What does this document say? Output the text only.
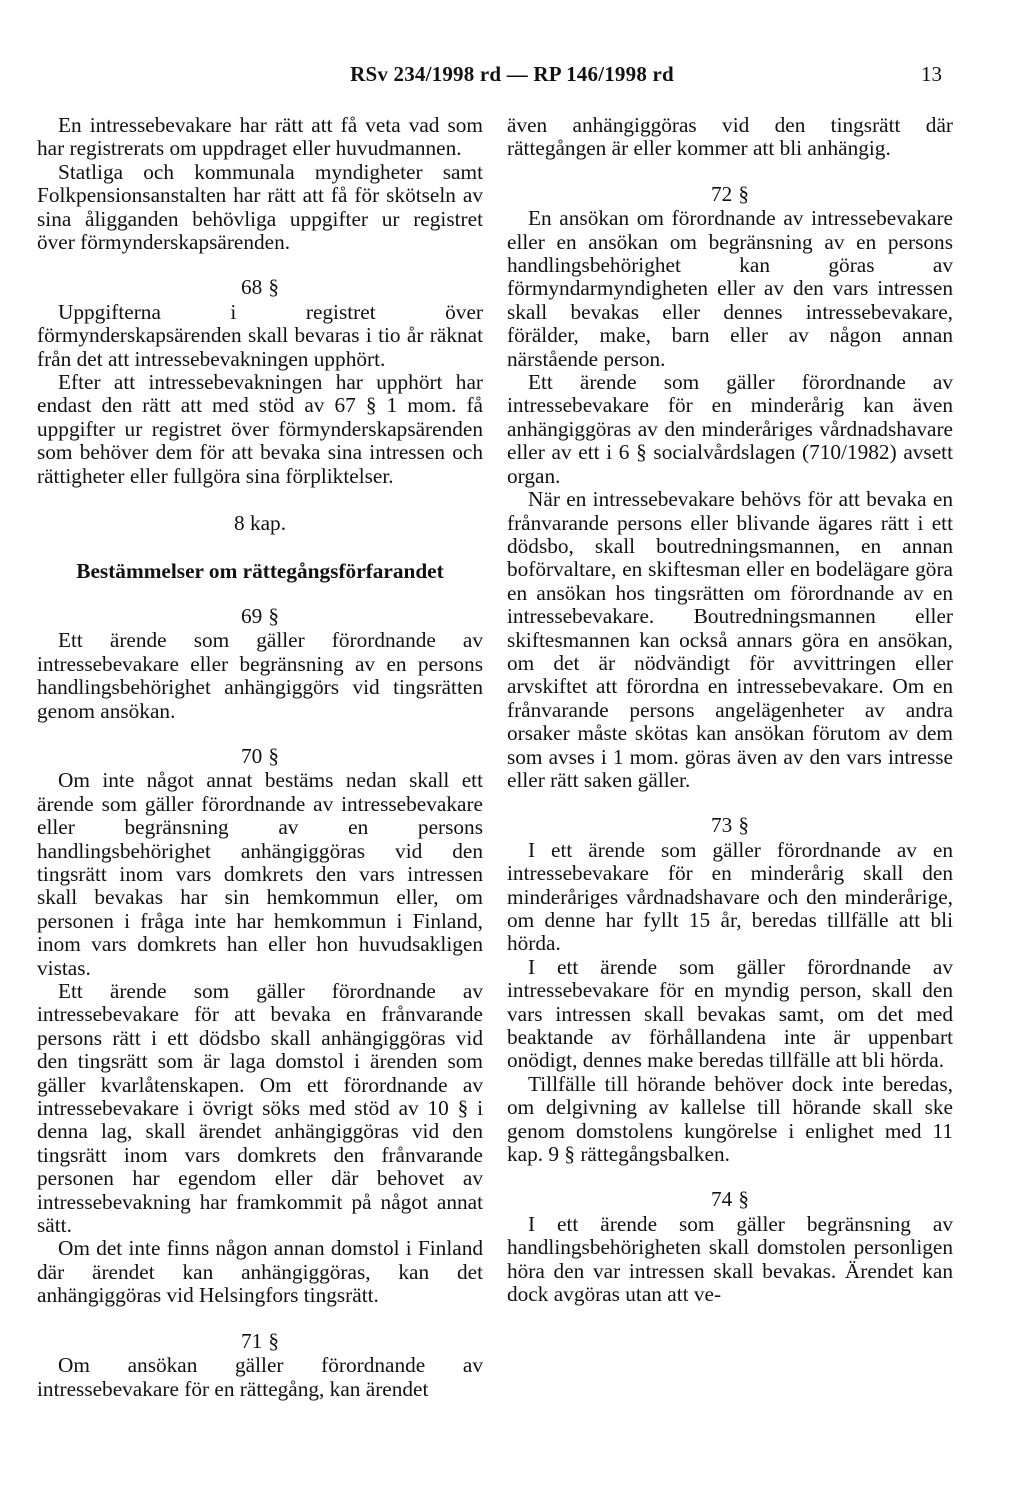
RSv 234/1998 rd — RP 146/1998 rd	13

En intressebevakare har rätt att få veta vad som har registrerats om uppdraget eller huvudmannen.

Statliga och kommunala myndigheter samt Folkpensionsanstalten har rätt att få för skötseln av sina åligganden behövliga uppgifter ur registret över förmynderskapsärenden.

68 §

Uppgifterna i registret över förmynderskapsärenden skall bevaras i tio år räknat från det att intressebevakningen upphört.

Efter att intressebevakningen har upphört har endast den rätt att med stöd av 67 § 1 mom. få uppgifter ur registret över förmynderskapsärenden som behöver dem för att bevaka sina intressen och rättigheter eller fullgöra sina förpliktelser.

8 kap.
Bestämmelser om rättegångsförfarandet
69 §

Ett ärende som gäller förordnande av intressebevakare eller begränsning av en persons handlingsbehörighet anhängiggörs vid tingsrätten genom ansökan.

70 §

Om inte något annat bestäms nedan skall ett ärende som gäller förordnande av intressebevakare eller begränsning av en persons handlingsbehörighet anhängiggöras vid den tingsrätt inom vars domkrets den vars intressen skall bevakas har sin hemkommun eller, om personen i fråga inte har hemkommun i Finland, inom vars domkrets han eller hon huvudsakligen vistas.

Ett ärende som gäller förordnande av intressebevakare för att bevaka en frånvarande persons rätt i ett dödsbo skall anhängiggöras vid den tingsrätt som är laga domstol i ärenden som gäller kvarlåtenskapen. Om ett förordnande av intressebevakare i övrigt söks med stöd av 10 § i denna lag, skall ärendet anhängiggöras vid den tingsrätt inom vars domkrets den frånvarande personen har egendom eller där behovet av intressebevakning har framkommit på något annat sätt.

Om det inte finns någon annan domstol i Finland där ärendet kan anhängiggöras, kan det anhängiggöras vid Helsingfors tingsrätt.

71 §

Om ansökan gäller förordnande av intressebevakare för en rättegång, kan ärendet

även anhängiggöras vid den tingsrätt där rättegången är eller kommer att bli anhängig.

72 §

En ansökan om förordnande av intressebevakare eller en ansökan om begränsning av en persons handlingsbehörighet kan göras av förmyndarmyndigheten eller av den vars intressen skall bevakas eller dennes intressebevakare, förälder, make, barn eller av någon annan närstående person.

Ett ärende som gäller förordnande av intressebevakare för en minderårig kan även anhängiggöras av den minderåriges vårdnadshavare eller av ett i 6 § socialvårdslagen (710/1982) avsett organ.

När en intressebevakare behövs för att bevaka en frånvarande persons eller blivande ägares rätt i ett dödsbo, skall boutredningsmannen, en annan boförvaltare, en skiftesman eller en bodelägare göra en ansökan hos tingsrätten om förordnande av en intressebevakare. Boutredningsmannen eller skiftesmannen kan också annars göra en ansökan, om det är nödvändigt för avvittringen eller arvskiftet att förordna en intressebevakare. Om en frånvarande persons angelägenheter av andra orsaker måste skötas kan ansökan förutom av dem som avses i 1 mom. göras även av den vars intresse eller rätt saken gäller.

73 §

I ett ärende som gäller förordnande av en intressebevakare för en minderårig skall den minderåriges vårdnadshavare och den minderårige, om denne har fyllt 15 år, beredas tillfälle att bli hörda.

I ett ärende som gäller förordnande av intressebevakare för en myndig person, skall den vars intressen skall bevakas samt, om det med beaktande av förhållandena inte är uppenbart onödigt, dennes make beredas tillfälle att bli hörda.

Tillfälle till hörande behöver dock inte beredas, om delgivning av kallelse till hörande skall ske genom domstolens kungörelse i enlighet med 11 kap. 9 § rättegångsbalken.

74 §

I ett ärende som gäller begränsning av handlingsbehörigheten skall domstolen personligen höra den var intressen skall bevakas. Ärendet kan dock avgöras utan att ve-
